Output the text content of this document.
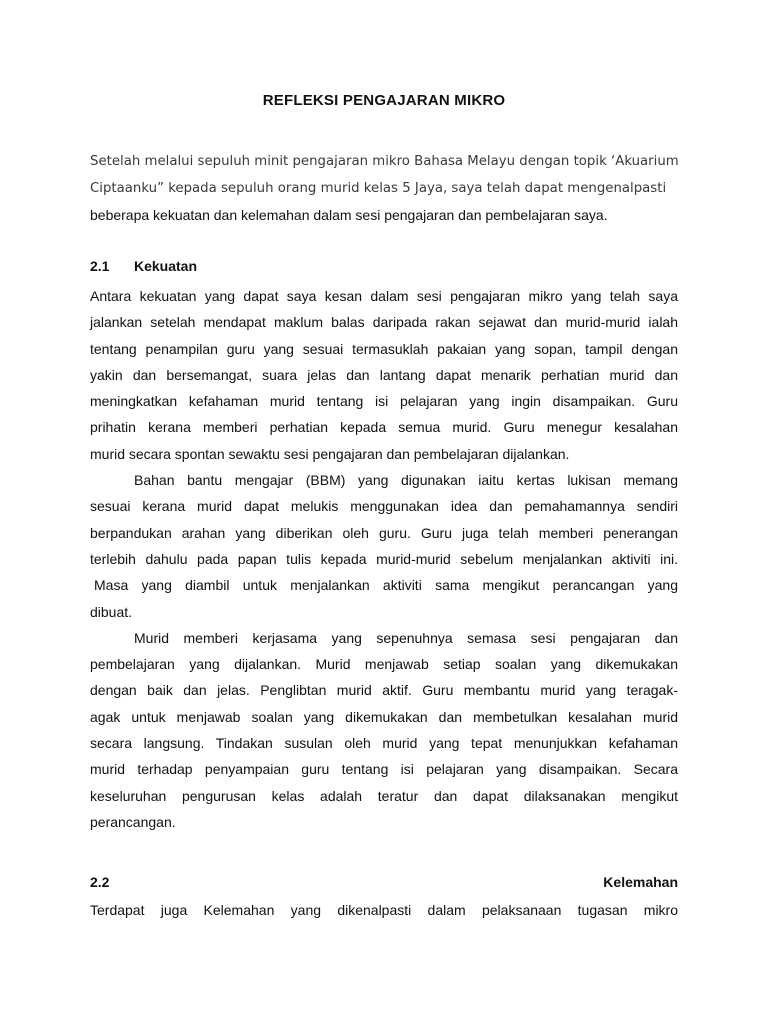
REFLEKSI PENGAJARAN MIKRO
Setelah melalui sepuluh minit pengajaran mikro Bahasa Melayu dengan topik ‘Akuarium
Ciptaanku” kepada sepuluh orang murid kelas 5 Jaya, saya telah dapat mengenalpasti
beberapa kekuatan dan kelemahan dalam sesi pengajaran dan pembelajaran saya.
2.1 Kekuatan
Antara kekuatan yang dapat saya kesan dalam sesi pengajaran mikro yang telah saya
jalankan setelah mendapat maklum balas daripada rakan sejawat dan murid-murid ialah
tentang penampilan guru yang sesuai termasuklah pakaian yang sopan, tampil dengan
yakin dan bersemangat, suara jelas dan lantang dapat menarik perhatian murid dan
meningkatkan kefahaman murid tentang isi pelajaran yang ingin disampaikan. Guru
prihatin kerana memberi perhatian kepada semua murid. Guru menegur kesalahan
murid secara spontan sewaktu sesi pengajaran dan pembelajaran dijalankan.
Bahan bantu mengajar (BBM) yang digunakan iaitu kertas lukisan memang
sesuai kerana murid dapat melukis menggunakan idea dan pemahamannya sendiri
berpandukan arahan yang diberikan oleh guru. Guru juga telah memberi penerangan
terlebih dahulu pada papan tulis kepada murid-murid sebelum menjalankan aktiviti ini.
Masa yang diambil untuk menjalankan aktiviti sama mengikut perancangan yang
dibuat.
Murid memberi kerjasama yang sepenuhnya semasa sesi pengajaran dan
pembelajaran yang dijalankan. Murid menjawab setiap soalan yang dikemukakan
dengan baik dan jelas. Penglibtan murid aktif. Guru membantu murid yang teragak-
agak untuk menjawab soalan yang dikemukakan dan membetulkan kesalahan murid
secara langsung. Tindakan susulan oleh murid yang tepat menunjukkan kefahaman
murid terhadap penyampaian guru tentang isi pelajaran yang disampaikan. Secara
keseluruhan pengurusan kelas adalah teratur dan dapat dilaksanakan mengikut
perancangan.
2.2	Kelemahan
Terdapat juga Kelemahan yang dikenalpasti dalam pelaksanaan tugasan mikro
